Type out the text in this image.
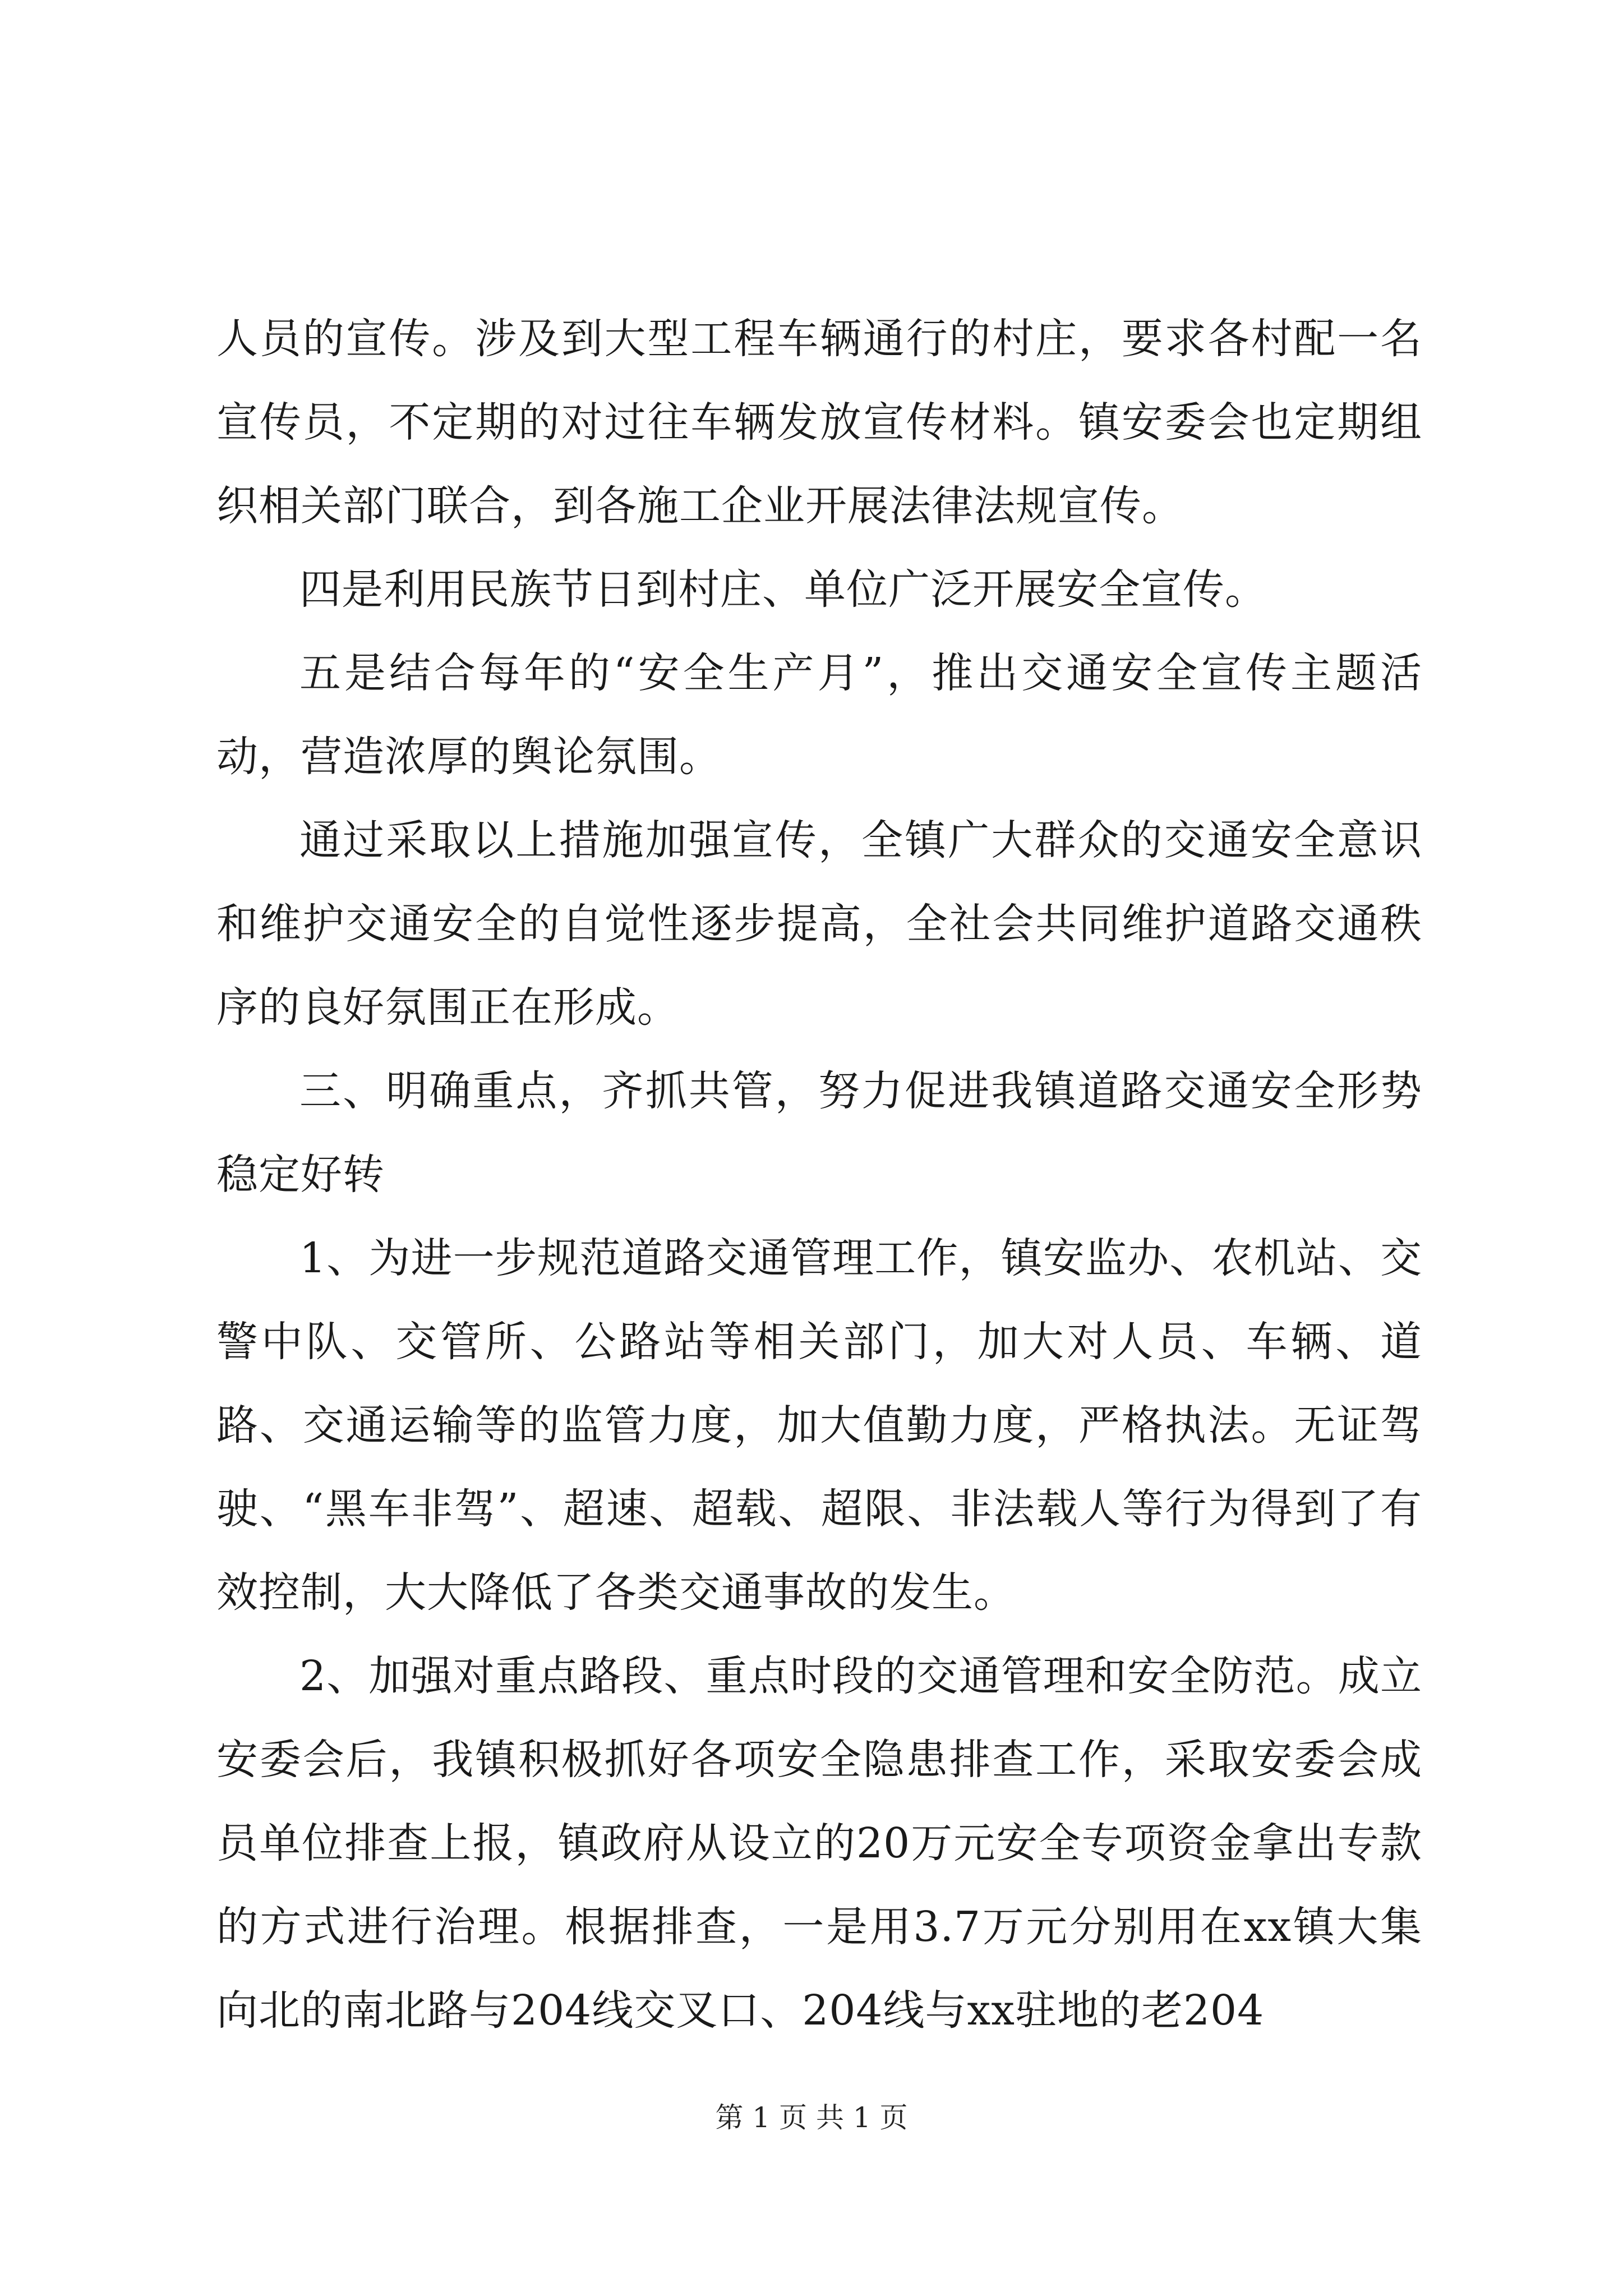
人员的宣传。涉及到大型工程车辆通行的村庄，要求各村配一名宣传员，不定期的对过往车辆发放宣传材料。镇安委会也定期组织相关部门联合，到各施工企业开展法律法规宣传。

四是利用民族节日到村庄、单位广泛开展安全宣传。

五是结合每年的“安全生产月”，推出交通安全宣传主题活动，营造浓厚的舆论氛围。

通过采取以上措施加强宣传，全镇广大群众的交通安全意识和维护交通安全的自觉性逐步提高，全社会共同维护道路交通秩序的良好氛围正在形成。

三、明确重点，齐抓共管，努力促进我镇道路交通安全形势稳定好转

1、为进一步规范道路交通管理工作，镇安监办、农机站、交警中队、交管所、公路站等相关部门，加大对人员、车辆、道路、交通运输等的监管力度，加大值勤力度，严格执法。无证驾驶、“黑车非驾”、超速、超载、超限、非法载人等行为得到了有效控制，大大降低了各类交通事故的发生。

2、加强对重点路段、重点时段的交通管理和安全防范。成立安委会后，我镇积极抓好各项安全隐患排查工作，采取安委会成员单位排查上报，镇政府从设立的20万元安全专项资金拿出专款的方式进行治理。根据排查，一是用3.7万元分别用在xx镇大集向北的南北路与204线交叉口、204线与xx驻地的老204

第 1 页 共 1 页
